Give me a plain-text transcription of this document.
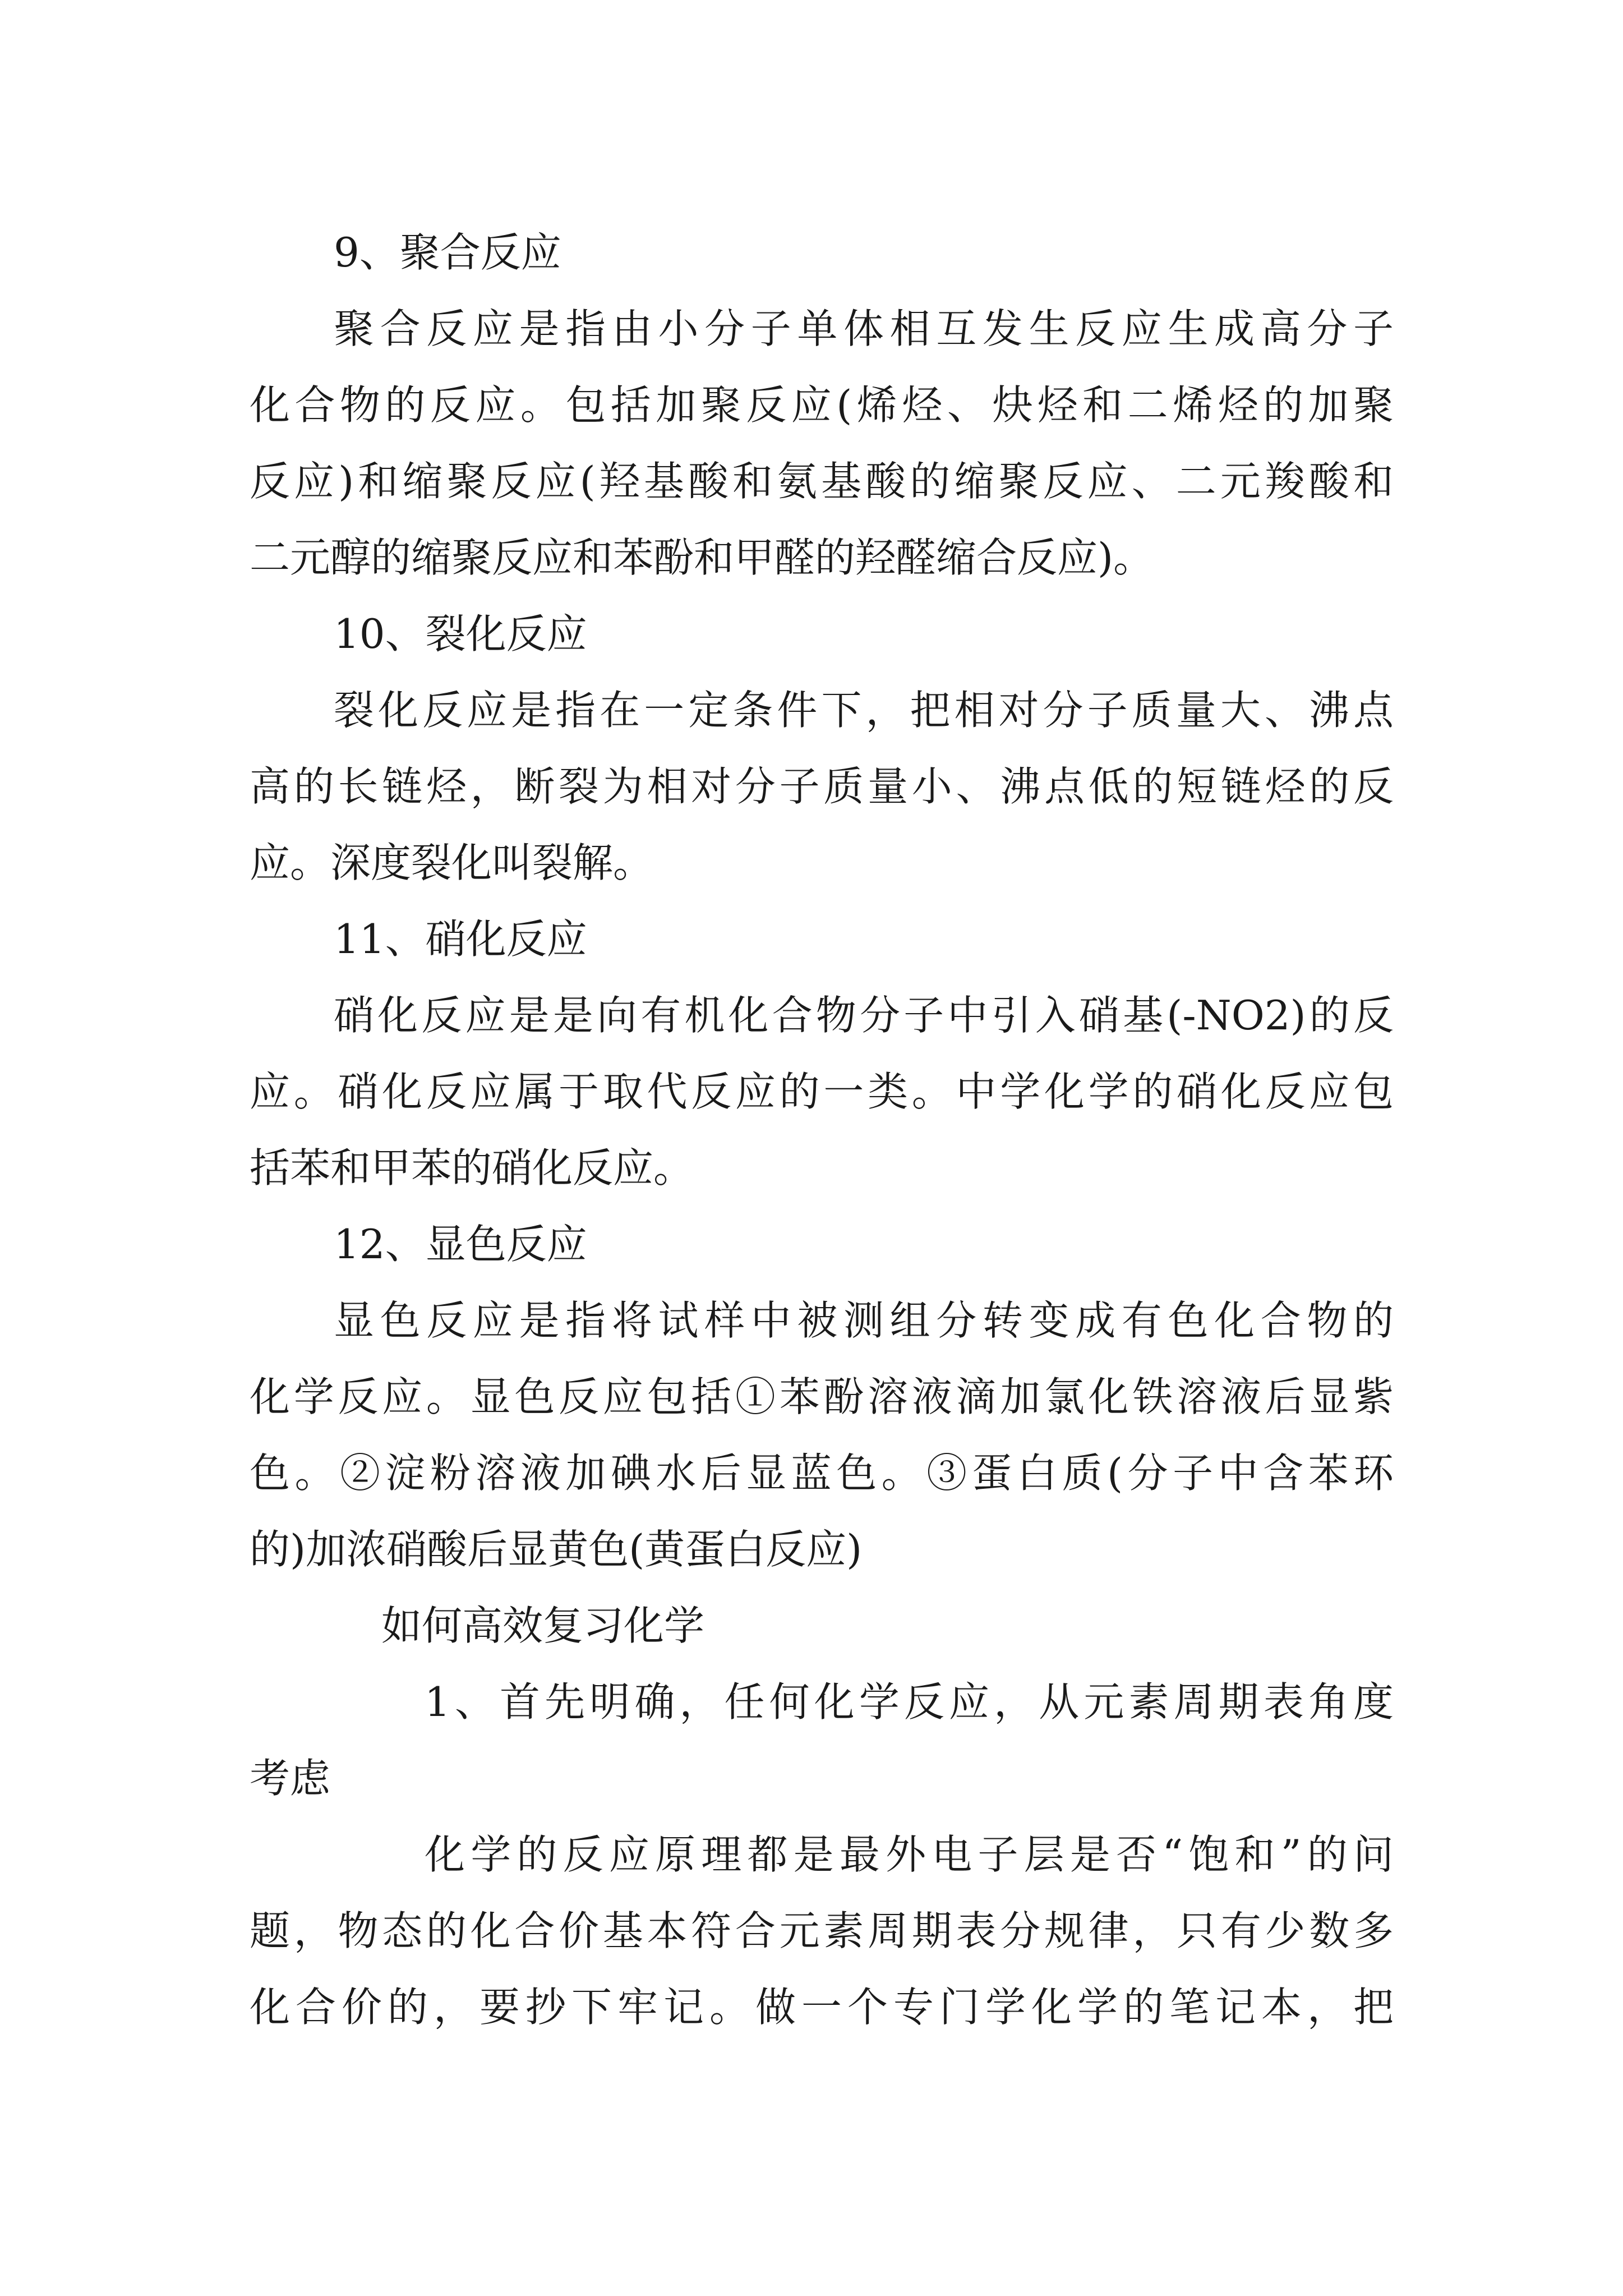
9、聚合反应
聚合反应是指由小分子单体相互发生反应生成高分子
化合物的反应。包括加聚反应(烯烃、炔烃和二烯烃的加聚
反应)和缩聚反应(羟基酸和氨基酸的缩聚反应、二元羧酸和
二元醇的缩聚反应和苯酚和甲醛的羟醛缩合反应)。
10、裂化反应
裂化反应是指在一定条件下，把相对分子质量大、沸点
高的长链烃，断裂为相对分子质量小、沸点低的短链烃的反
应。深度裂化叫裂解。
11、硝化反应
硝化反应是是向有机化合物分子中引入硝基(-NO2)的反
应。硝化反应属于取代反应的一类。中学化学的硝化反应包
括苯和甲苯的硝化反应。
12、显色反应
显色反应是指将试样中被测组分转变成有色化合物的
化学反应。显色反应包括①苯酚溶液滴加氯化铁溶液后显紫
色。②淀粉溶液加碘水后显蓝色。③蛋白质(分子中含苯环
的)加浓硝酸后显黄色(黄蛋白反应)
如何高效复习化学
1、首先明确，任何化学反应，从元素周期表角度
考虑
化学的反应原理都是最外电子层是否“饱和”的问
题，物态的化合价基本符合元素周期表分规律，只有少数多
化合价的，要抄下牢记。做一个专门学化学的笔记本，把
